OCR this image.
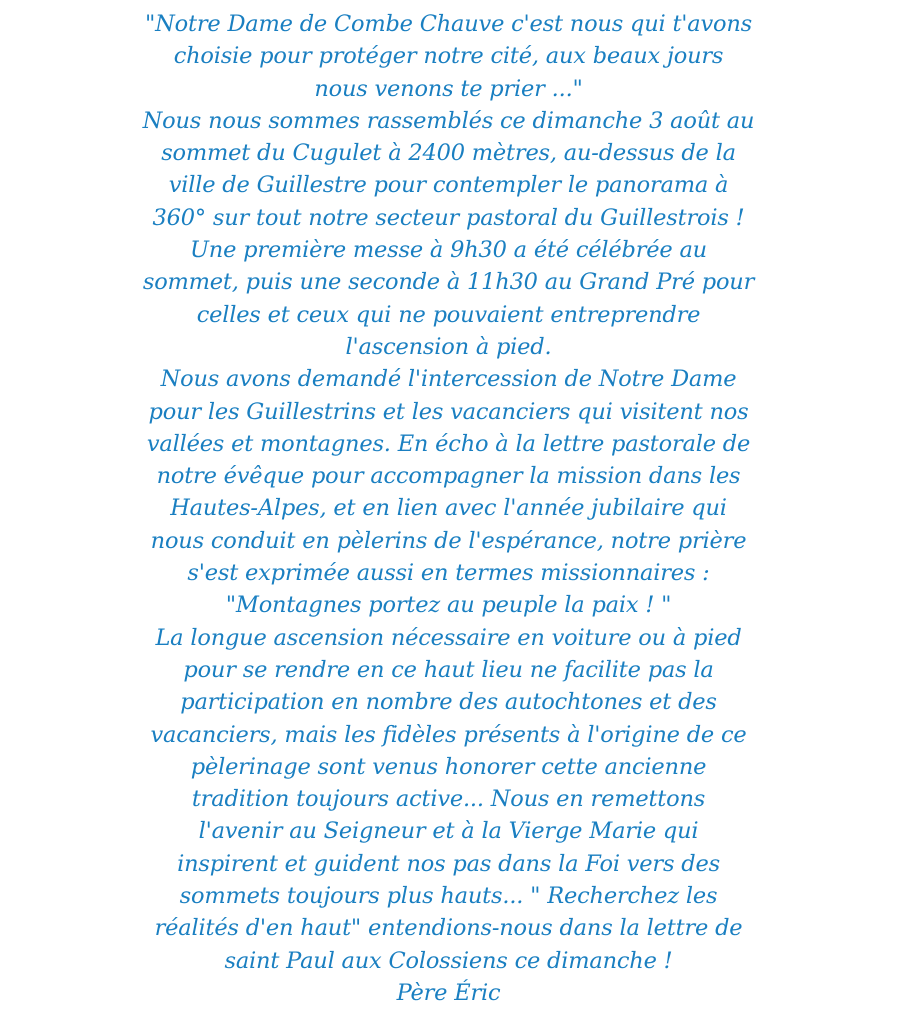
"Notre Dame de Combe Chauve c'est nous qui t'avons
choisie pour protéger notre cité, aux beaux jours
nous venons te prier ..."
Nous nous sommes rassemblés ce dimanche 3 août au
sommet du Cugulet à 2400 mètres, au-dessus de la
ville de Guillestre pour contempler le panorama à
360° sur tout notre secteur pastoral du Guillestrois !
Une première messe à 9h30 a été célébrée au
sommet, puis une seconde à 11h30 au Grand Pré pour
celles et ceux qui ne pouvaient entreprendre
l'ascension à pied.
Nous avons demandé l'intercession de Notre Dame
pour les Guillestrins et les vacanciers qui visitent nos
vallées et montagnes. En écho à la lettre pastorale de
notre évêque pour accompagner la mission dans les
Hautes-Alpes, et en lien avec l'année jubilaire qui
nous conduit en pèlerins de l'espérance, notre prière
s'est exprimée aussi en termes missionnaires :
"Montagnes portez au peuple la paix ! "
La longue ascension nécessaire en voiture ou à pied
pour se rendre en ce haut lieu ne facilite pas la
participation en nombre des autochtones et des
vacanciers, mais les fidèles présents à l'origine de ce
pèlerinage sont venus honorer cette ancienne
tradition toujours active... Nous en remettons
l'avenir au Seigneur et à la Vierge Marie qui
inspirent et guident nos pas dans la Foi vers des
sommets toujours plus hauts... " Recherchez les
réalités d'en haut" entendions-nous dans la lettre de
saint Paul aux Colossiens ce dimanche !
Père Éric
